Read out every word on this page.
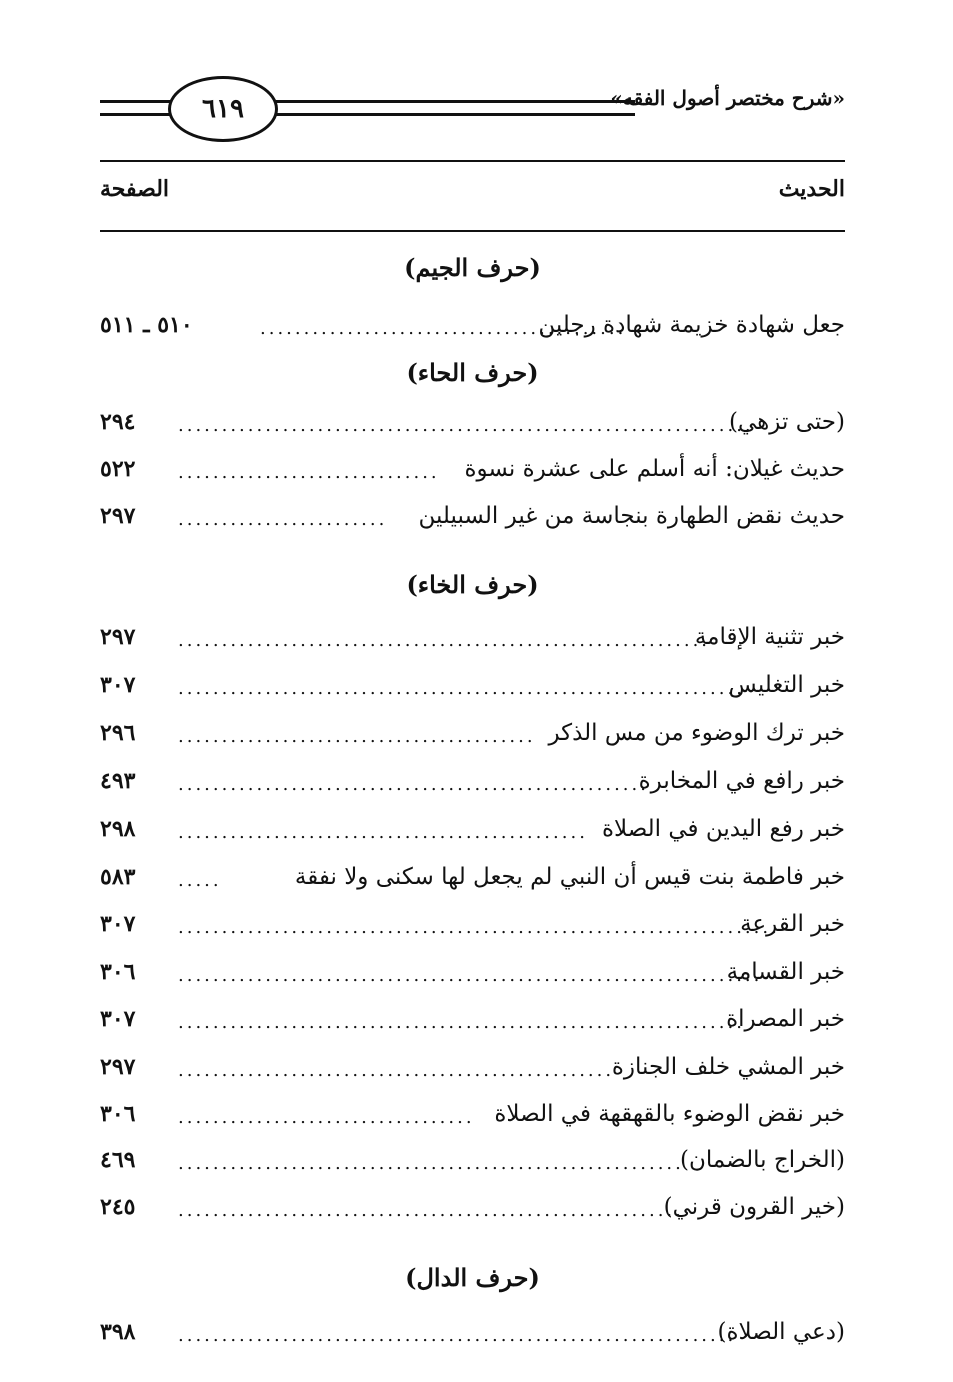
٦١٩	«شرح مختصر أصول الفقه»
الحديث
الصفحة
(حرف الجيم)
جعل شهادة خزيمة شهادة رجلين
..........................................
٥١٠ ـ ٥١١
(حرف الحاء)
(حتى تزهي)
..................................................................
٢٩٤
حديث غيلان: أنه أسلم على عشرة نسوة
..............................
٥٢٢
حديث نقض الطهارة بنجاسة من غير السبيلين
........................
٢٩٧
(حرف الخاء)
خبر تثنية الإقامة
.............................................................
٢٩٧
خبر التغليس
.................................................................
٣٠٧
خبر ترك الوضوء من مس الذكر
.........................................
٢٩٦
خبر رافع في المخابرة
......................................................
٤٩٣
خبر رفع اليدين في الصلاة
...............................................
٢٩٨
خبر فاطمة بنت قيس أن النبي لم يجعل لها سكنى ولا نفقة
.....
٥٨٣
خبر القرعة
.....................................................................
٣٠٧
خبر القسامة
...................................................................
٣٠٦
خبر المصراة
.................................................................
٣٠٧
خبر المشي خلف الجنازة
..................................................
٢٩٧
خبر نقض الوضوء بالقهقهة في الصلاة
..................................
٣٠٦
(الخراج بالضمان)
..........................................................
٤٦٩
(خير القرون قرني)
..........................................................
٢٤٥
(حرف الدال)
(دعي الصلاة)
................................................................
٣٩٨
